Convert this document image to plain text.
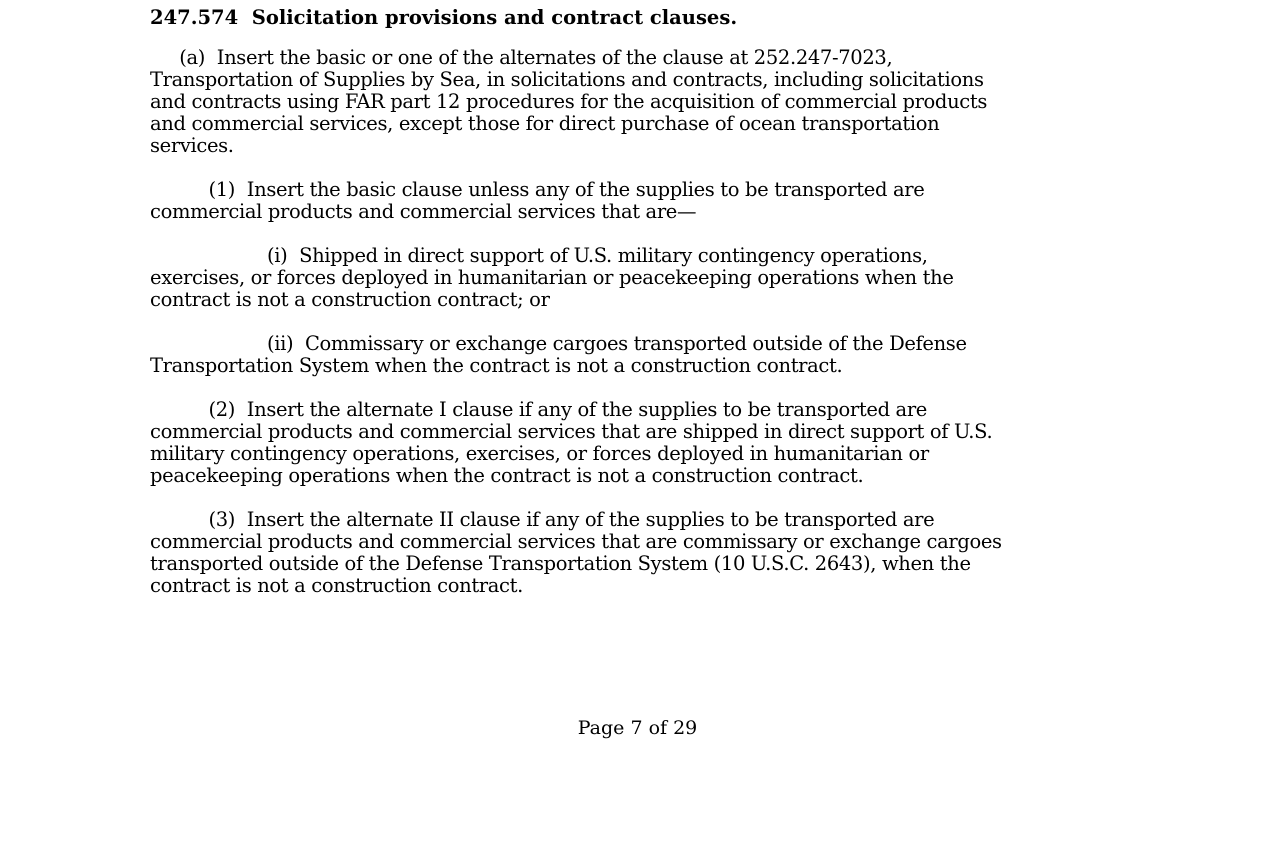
247.574  Solicitation provisions and contract clauses.
(a)  Insert the basic or one of the alternates of the clause at 252.247-7023,
Transportation of Supplies by Sea, in solicitations and contracts, including solicitations
and contracts using FAR part 12 procedures for the acquisition of commercial products
and commercial services, except those for direct purchase of ocean transportation
services.
(1)  Insert the basic clause unless any of the supplies to be transported are
commercial products and commercial services that are—
(i)  Shipped in direct support of U.S. military contingency operations,
exercises, or forces deployed in humanitarian or peacekeeping operations when the
contract is not a construction contract; or
(ii)  Commissary or exchange cargoes transported outside of the Defense
Transportation System when the contract is not a construction contract.
(2)  Insert the alternate I clause if any of the supplies to be transported are
commercial products and commercial services that are shipped in direct support of U.S.
military contingency operations, exercises, or forces deployed in humanitarian or
peacekeeping operations when the contract is not a construction contract.
(3)  Insert the alternate II clause if any of the supplies to be transported are
commercial products and commercial services that are commissary or exchange cargoes
transported outside of the Defense Transportation System (10 U.S.C. 2643), when the
contract is not a construction contract.
Page 7 of 29
